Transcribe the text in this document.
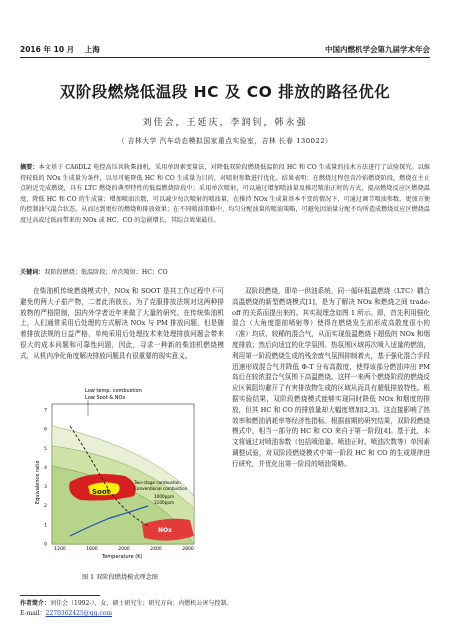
2016 年 10 月 上海	中国内燃机学会第九届学术年会
双阶段燃烧低温段 HC 及 CO 排放的路径优化
刘佳会，王延庆，李润钊，韩永强
（ 吉林大学 汽车动态模拟国家重点实验室，吉林 长春 130022）
摘要：本文基于 CA6DL2 电控高压共轨柴油机，采用单因素变量法，对降低双阶段燃烧低温阶段 HC 和 CO 生成量的技术方法进行了试验探究。以维持较低的 NOx 生成量为条件，以尽可能降低 HC 和 CO 生成量为目的，对喷射参数进行优化。结果表明：在燃烧过程包含冷焰燃烧阶段，燃烧在主止点附近完成燃烧，具有 LTC 燃烧的典型特性的低温燃烧阶段中；采用单次喷射，可以通过增加喷油量及推迟喷油正时的方式，提高燃烧反应区燃烧温度，降低 HC 和 CO 的生成量；增加喷油次数，可以减少每次喷射的喷油量，在推持 NOx 生成量基本不变的情况下，可通过调节喷油参数，更加方便的控制油气混合状态，从而达到更好的燃烧和排放效果；在不同喷油策略中，均匀分配油量的喷油策略，可避免因油量分配不均所造成燃烧反应区燃烧温度过高或过低而带来的 NOx 或 HC、CO 的急剧增长，其综合效果最佳。
关键词：双阶段燃烧；低温阶段；单次喷射；HC；CO
在柴油机传统燃烧模式中，NOx 和 SOOT 是其工作过程中不可避免的两大子茄产物，二者此消彼长。为了克服排放法规对这两种排放物的严格限制，国内外学者近年来做了大量的研究。在传统柴油机上，人们通常采用后处理的方式解决 NOx 与 PM 排放问题，但是随着排放法规的日益严格，单纯采用后处理技术来处理排放问题会带来很大的成本问题和可靠性问题，因此，寻求一种新的柴油机燃烧模式，从机内净化角度解决排放问题具有很重要的现实意义。
双阶段燃烧，即单一供油系统，同一循环低温燃烧（LTC）耦合高温燃烧的新型燃烧模式[1]，是为了解决 NOx 和燃烧之间 trade-off 的关系而提出来的。其实现理念如图 1 所示。即，首先利用强化混合（大角度提前喷射等）使得在燃烧发生前形成高散度很小的（准）均质、较稀的混合气，从而实现低温燃烧下超低的 NOx 和烟度排放；然后向适宜的化学氛围、热氛围区域再次喷入适量的燃油，利用第一阶段燃烧生成的残余废气氛围抑制着火，基于强化混合手段迅速形成混合气并降低 Φ-T 分布高散度，使得该部分燃油冲出 PM 岛后在较浓混合气氛围下高温燃烧。这样一来两个燃烧阶段的燃烧反应区氧阻均避开了有害排放物生成的区域从而具有超低排放特性。根据实验结果，双阶段燃烧模式能够实现同时降低 NOx 和烟度的排放，但其 HC 和 CO 的排放量却大幅度增加[2,3]。这直接影响了热效率和燃油消耗率等经济性指标。根据前期的研究结果，双阶段燃烧模式中，相当一部分的 HC 和 CO 来自于第一阶段[4]。基于此，本文将通过对喷油参数（包括喷油量、喷油正时、喷油次数等）单因素调整试验，对双阶段燃烧模式中第一阶段 HC 和 CO 的生成规律进行研究，并优化出第一阶段的喷油策略。
Low temp. combustion
Low Soot & NOx
Soot
NOx
Two-stage combustion
Conventional combustion
1000ppm
1100ppm
Equivalence ratio
Temperature (K)
0
1
2
3
4
5
6
7
1200	1600	2000	2400	2800
图 1 双阶段燃烧模式理念图
作者简介：刘佳会（1992-），女，硕士研究生；研究方向：内燃机公害与控制。
E-mail：2270362425@qq.com
